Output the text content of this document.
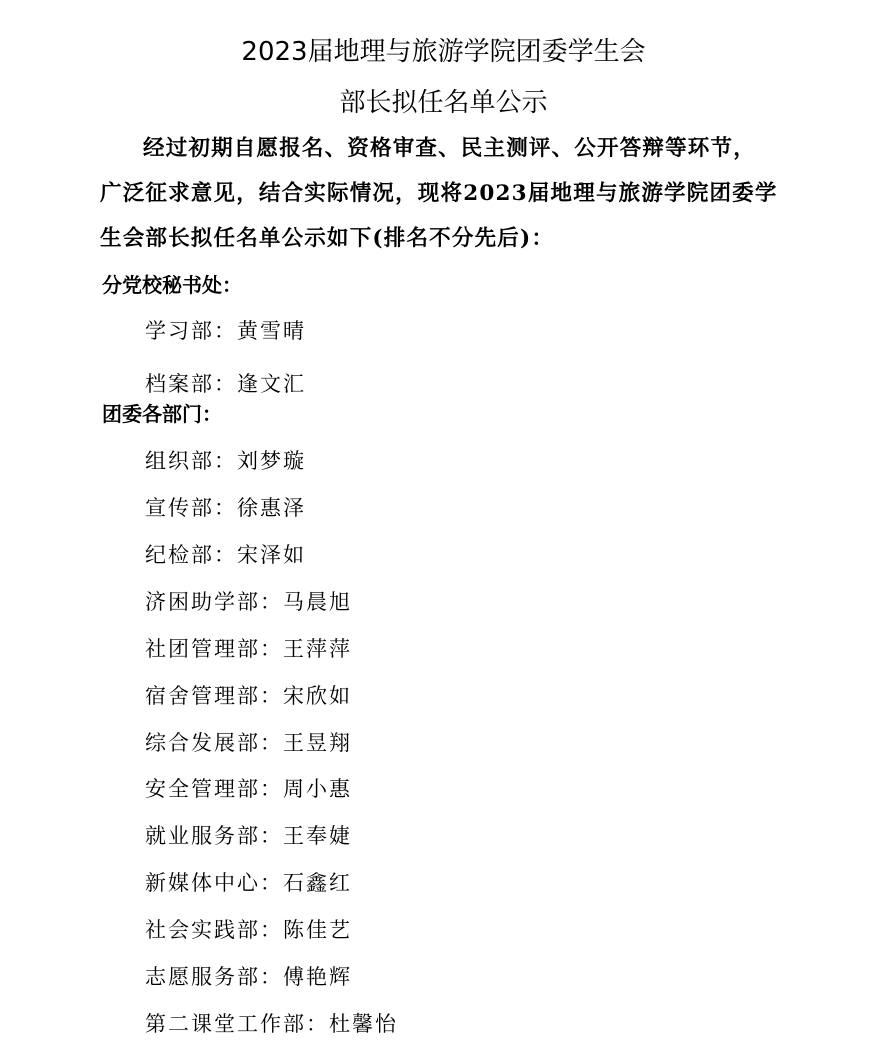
2023届地理与旅游学院团委学生会
部长拟任名单公示
经过初期自愿报名、资格审查、民主测评、公开答辩等环节，
广泛征求意见，结合实际情况，现将2023届地理与旅游学院团委学
生会部长拟任名单公示如下(排名不分先后)：
分党校秘书处：
学习部：黄雪晴
档案部：逢文汇
团委各部门：
组织部：刘梦璇
宣传部：徐惠泽
纪检部：宋泽如
济困助学部：马晨旭
社团管理部：王萍萍
宿舍管理部：宋欣如
综合发展部：王昱翔
安全管理部：周小惠
就业服务部：王奉婕
新媒体中心：石鑫红
社会实践部：陈佳艺
志愿服务部：傅艳辉
第二课堂工作部：杜馨怡
